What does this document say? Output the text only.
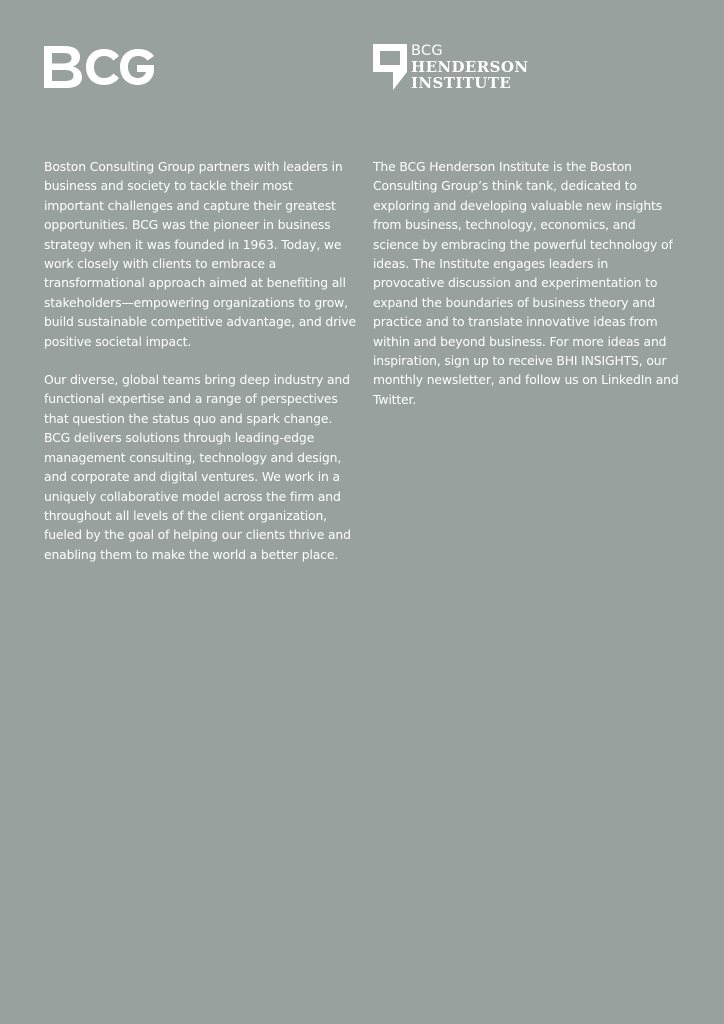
BCG
HENDERSON
INSTITUTE

Boston Consulting Group partners with leaders in business and society to tackle their most important challenges and capture their greatest opportunities. BCG was the pioneer in business strategy when it was founded in 1963. Today, we work closely with clients to embrace a transformational approach aimed at benefiting all stakeholders—empowering organizations to grow, build sustainable competitive advantage, and drive positive societal impact.

Our diverse, global teams bring deep industry and functional expertise and a range of perspectives that question the status quo and spark change. BCG delivers solutions through leading-edge management consulting, technology and design, and corporate and digital ventures. We work in a uniquely collaborative model across the firm and throughout all levels of the client organization, fueled by the goal of helping our clients thrive and enabling them to make the world a better place.

The BCG Henderson Institute is the Boston Consulting Group’s think tank, dedicated to exploring and developing valuable new insights from business, technology, economics, and science by embracing the powerful technology of ideas. The Institute engages leaders in provocative discussion and experimentation to expand the boundaries of business theory and practice and to translate innovative ideas from within and beyond business. For more ideas and inspiration, sign up to receive BHI INSIGHTS, our monthly newsletter, and follow us on LinkedIn and Twitter.
